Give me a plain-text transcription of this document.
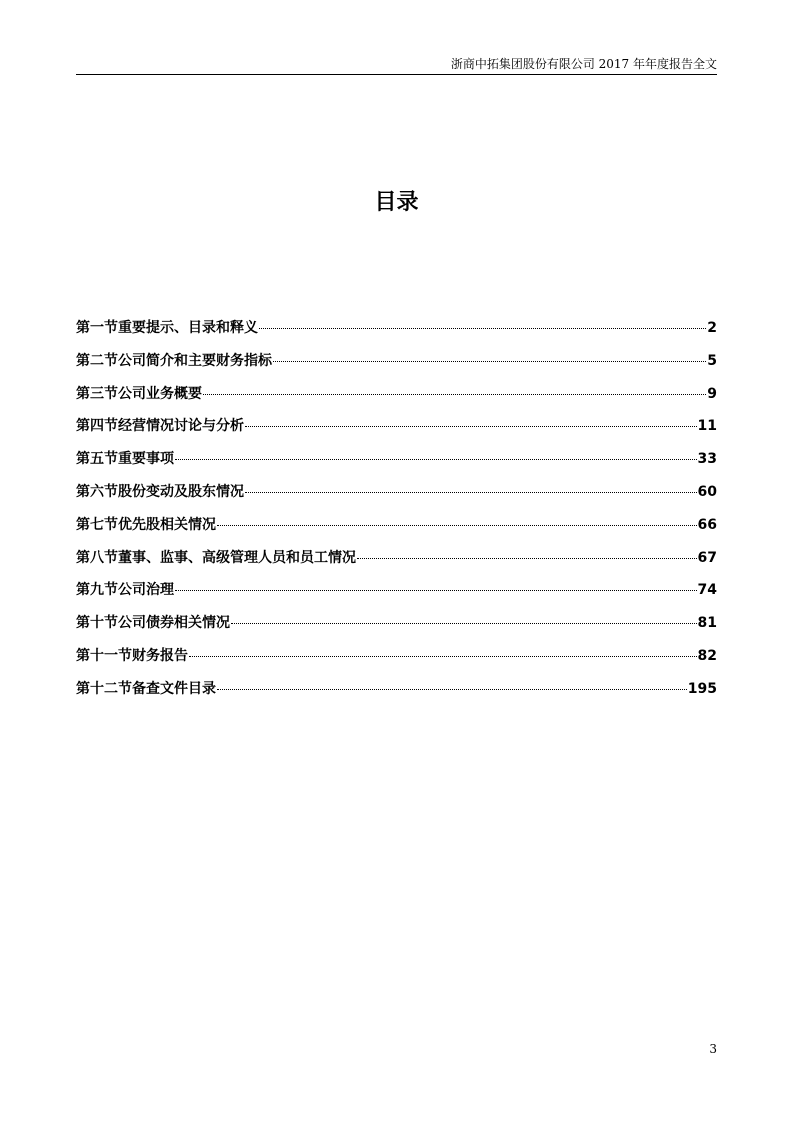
浙商中拓集团股份有限公司 2017 年年度报告全文
目录
第一节重要提示、目录和释义	2
第二节公司简介和主要财务指标	5
第三节公司业务概要	9
第四节经营情况讨论与分析	11
第五节重要事项	33
第六节股份变动及股东情况	60
第七节优先股相关情况	66
第八节董事、监事、高级管理人员和员工情况	67
第九节公司治理	74
第十节公司债券相关情况	81
第十一节财务报告	82
第十二节备查文件目录	195
3
